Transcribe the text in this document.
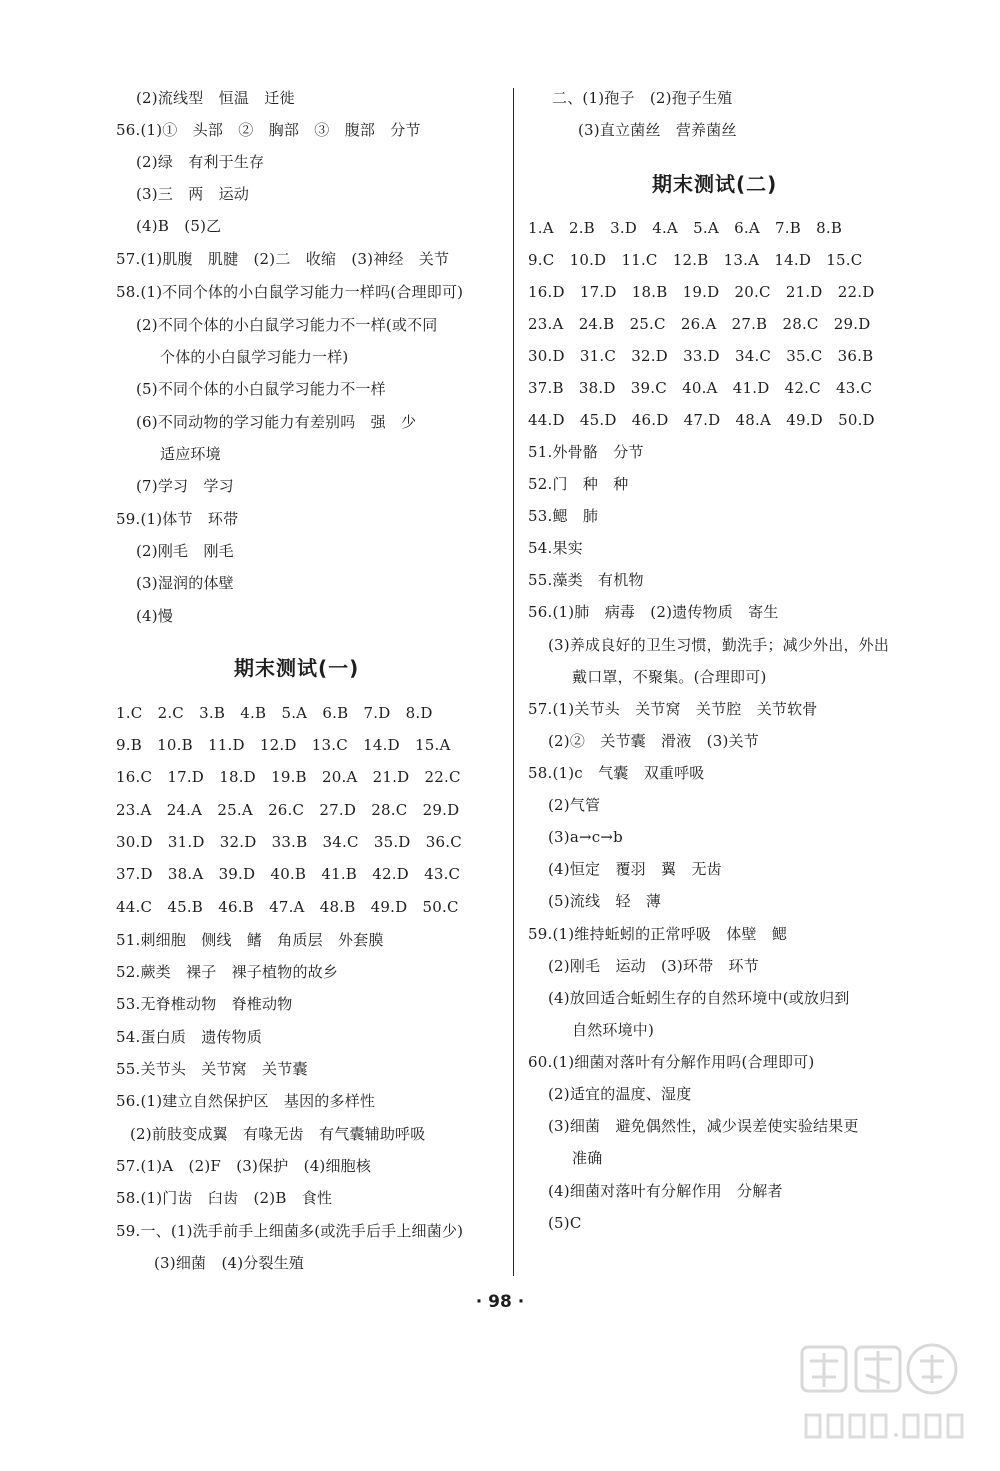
(2)流线型　恒温　迁徙
56.(1)①　头部　②　胸部　③　腹部　分节
(2)绿　有利于生存
(3)三　两　运动
(4)B　(5)乙
57.(1)肌腹　肌腱　(2)二　收缩　(3)神经　关节
58.(1)不同个体的小白鼠学习能力一样吗(合理即可)
(2)不同个体的小白鼠学习能力不一样(或不同
个体的小白鼠学习能力一样)
(5)不同个体的小白鼠学习能力不一样
(6)不同动物的学习能力有差别吗　强　少
适应环境
(7)学习　学习
59.(1)体节　环带
(2)刚毛　刚毛
(3)湿润的体壁
(4)慢
期末测试(一)
1.C　2.C　3.B　4.B　5.A　6.B　7.D　8.D
9.B　10.B　11.D　12.D　13.C　14.D　15.A
16.C　17.D　18.D　19.B　20.A　21.D　22.C
23.A　24.A　25.A　26.C　27.D　28.C　29.D
30.D　31.D　32.D　33.B　34.C　35.D　36.C
37.D　38.A　39.D　40.B　41.B　42.D　43.C
44.C　45.B　46.B　47.A　48.B　49.D　50.C
51.刺细胞　侧线　鳍　角质层　外套膜
52.蕨类　裸子　裸子植物的故乡
53.无脊椎动物　脊椎动物
54.蛋白质　遗传物质
55.关节头　关节窝　关节囊
56.(1)建立自然保护区　基因的多样性
(2)前肢变成翼　有喙无齿　有气囊辅助呼吸
57.(1)A　(2)F　(3)保护　(4)细胞核
58.(1)门齿　臼齿　(2)B　食性
59.一、(1)洗手前手上细菌多(或洗手后手上细菌少)
(3)细菌　(4)分裂生殖
二、(1)孢子　(2)孢子生殖
(3)直立菌丝　营养菌丝
期末测试(二)
1.A　2.B　3.D　4.A　5.A　6.A　7.B　8.B
9.C　10.D　11.C　12.B　13.A　14.D　15.C
16.D　17.D　18.B　19.D　20.C　21.D　22.D
23.A　24.B　25.C　26.A　27.B　28.C　29.D
30.D　31.C　32.D　33.D　34.C　35.C　36.B
37.B　38.D　39.C　40.A　41.D　42.C　43.C
44.D　45.D　46.D　47.D　48.A　49.D　50.D
51.外骨骼　分节
52.门　种　种
53.鳃　肺
54.果实
55.藻类　有机物
56.(1)肺　病毒　(2)遗传物质　寄生
(3)养成良好的卫生习惯，勤洗手；减少外出，外出
戴口罩，不聚集。(合理即可)
57.(1)关节头　关节窝　关节腔　关节软骨
(2)②　关节囊　滑液　(3)关节
58.(1)c　气囊　双重呼吸
(2)气管
(3)a→c→b
(4)恒定　覆羽　翼　无齿
(5)流线　轻　薄
59.(1)维持蚯蚓的正常呼吸　体壁　鳃
(2)刚毛　运动　(3)环带　环节
(4)放回适合蚯蚓生存的自然环境中(或放归到
自然环境中)
60.(1)细菌对落叶有分解作用吗(合理即可)
(2)适宜的温度、湿度
(3)细菌　避免偶然性，减少误差使实验结果更
准确
(4)细菌对落叶有分解作用　分解者
(5)C
· 98 ·
